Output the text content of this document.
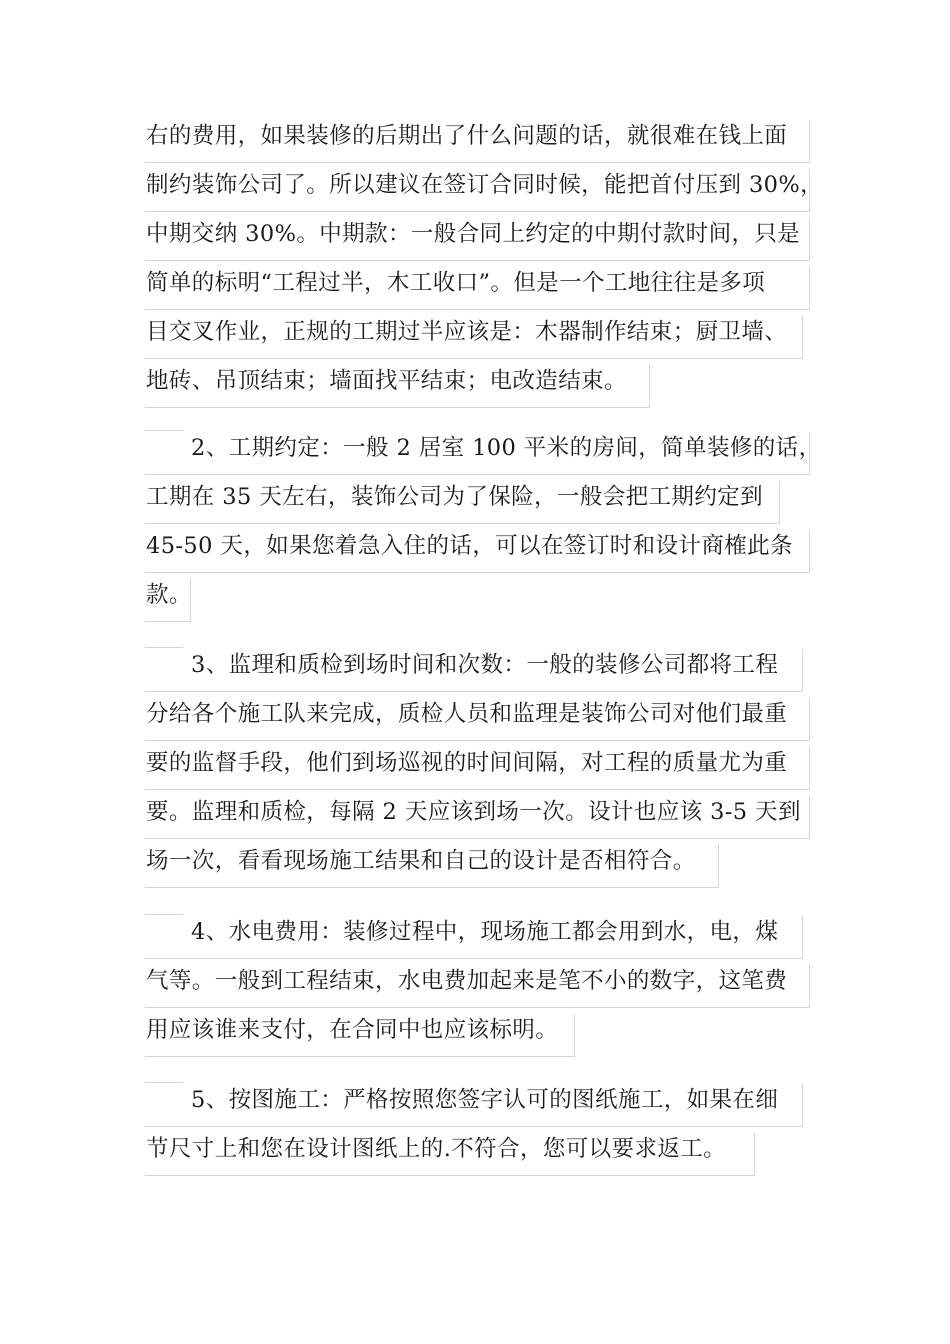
右的费用，如果装修的后期出了什么问题的话，就很难在钱上面
制约装饰公司了。所以建议在签订合同时候，能把首付压到 30%，
中期交纳 30%。中期款：一般合同上约定的中期付款时间，只是
简单的标明“工程过半，木工收口”。但是一个工地往往是多项
目交叉作业，正规的工期过半应该是：木器制作结束；厨卫墙、
地砖、吊顶结束；墙面找平结束；电改造结束。
2、工期约定：一般 2 居室 100 平米的房间，简单装修的话，
工期在 35 天左右，装饰公司为了保险，一般会把工期约定到
45-50 天，如果您着急入住的话，可以在签订时和设计商榷此条
款。
3、监理和质检到场时间和次数：一般的装修公司都将工程
分给各个施工队来完成，质检人员和监理是装饰公司对他们最重
要的监督手段，他们到场巡视的时间间隔，对工程的质量尤为重
要。监理和质检，每隔 2 天应该到场一次。设计也应该 3-5 天到
场一次，看看现场施工结果和自己的设计是否相符合。
4、水电费用：装修过程中，现场施工都会用到水，电，煤
气等。一般到工程结束，水电费加起来是笔不小的数字，这笔费
用应该谁来支付，在合同中也应该标明。
5、按图施工：严格按照您签字认可的图纸施工，如果在细
节尺寸上和您在设计图纸上的.不符合，您可以要求返工。
